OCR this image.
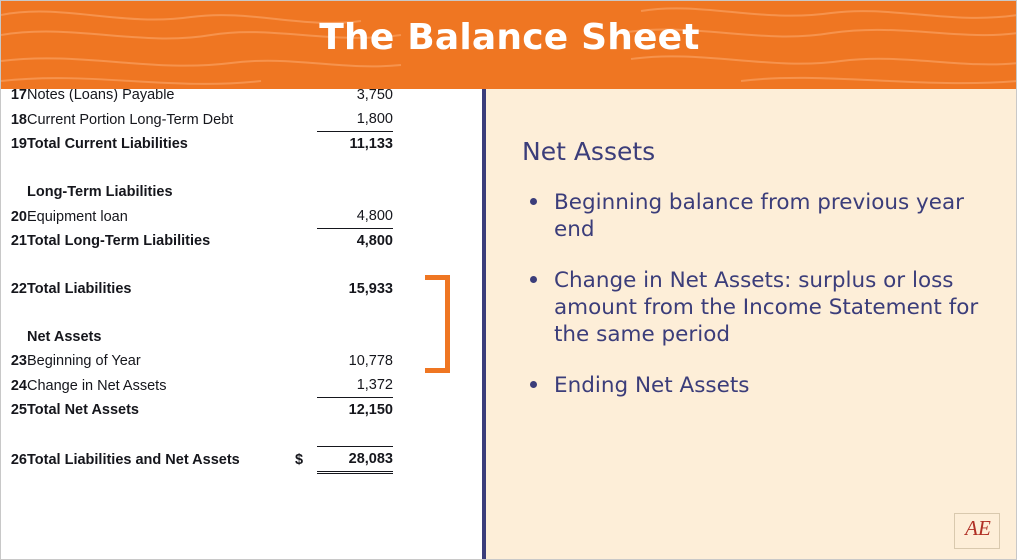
The Balance Sheet
17	Notes (Loans) Payable		3,750	
18	Current Portion Long-Term Debt		1,800	
19	Total Current Liabilities		11,133	

	Long-Term Liabilities			
20	Equipment loan		4,800	
21	Total Long-Term Liabilities		4,800	

22	Total Liabilities		15,933	

	Net Assets			
23	Beginning of Year		10,778	
24	Change in Net Assets		1,372	
25	Total Net Assets		12,150	

26	Total Liabilities and Net Assets	$	28,083	
Net Assets
Beginning balance from previous year end
Change in Net Assets: surplus or loss amount from the Income Statement for the same period
Ending Net Assets
AE
